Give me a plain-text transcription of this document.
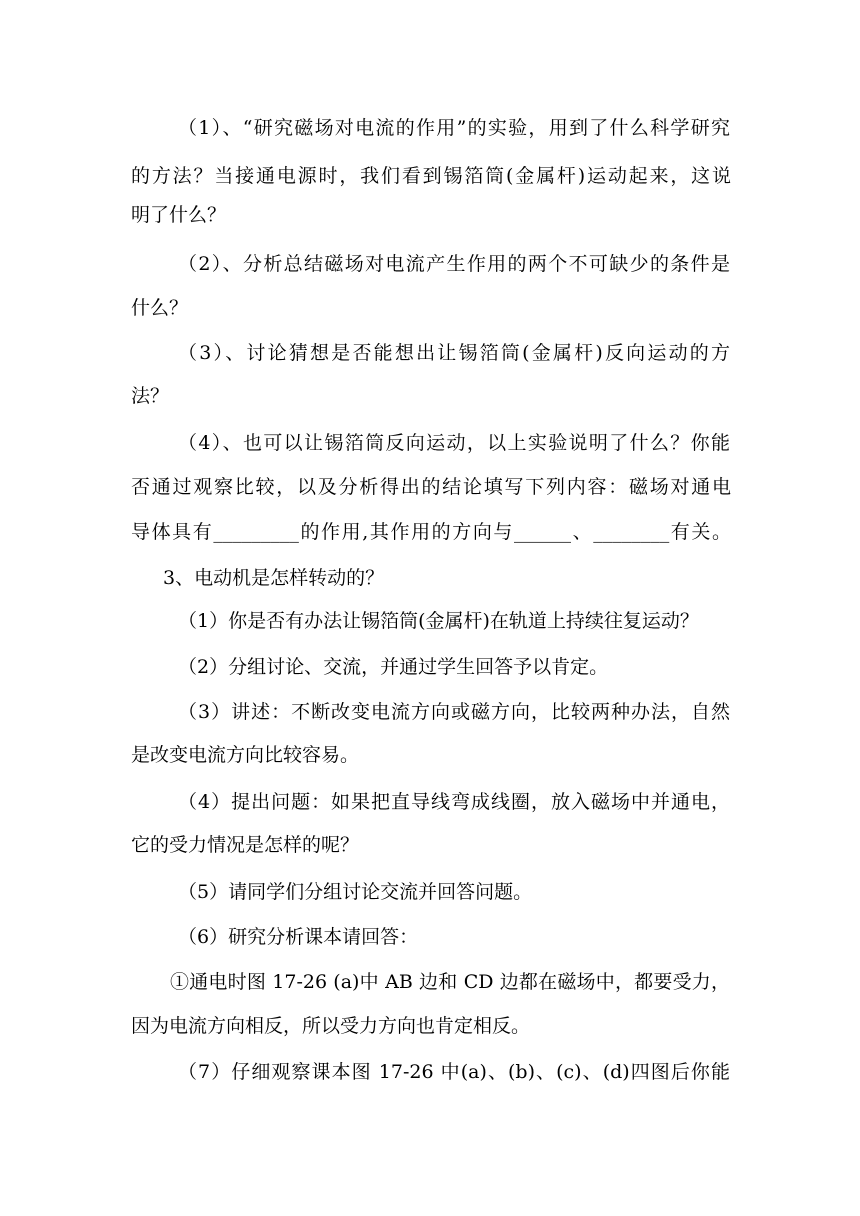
（1）、“研究磁场对电流的作用”的实验，用到了什么科学研究
的方法？当接通电源时，我们看到锡箔筒(金属杆)运动起来，这说
明了什么？
（2）、分析总结磁场对电流产生作用的两个不可缺少的条件是
什么？
（3）、讨论猜想是否能想出让锡箔筒(金属杆)反向运动的方
法？
（4）、也可以让锡箔筒反向运动，以上实验说明了什么？你能
否通过观察比较，以及分析得出的结论填写下列内容：磁场对通电
导体具有_________的作用,其作用的方向与______、________有关。
3、电动机是怎样转动的？
（1）你是否有办法让锡箔筒(金属杆)在轨道上持续往复运动？
（2）分组讨论、交流，并通过学生回答予以肯定。
（3）讲述：不断改变电流方向或磁方向，比较两种办法，自然
是改变电流方向比较容易。
（4）提出问题：如果把直导线弯成线圈，放入磁场中并通电，
它的受力情况是怎样的呢？
（5）请同学们分组讨论交流并回答问题。
（6）研究分析课本请回答：
①通电时图 17-26 (a)中 AB 边和 CD 边都在磁场中，都要受力，
因为电流方向相反，所以受力方向也肯定相反。
（7）仔细观察课本图 17-26 中(a)、(b)、(c)、(d)四图后你能
